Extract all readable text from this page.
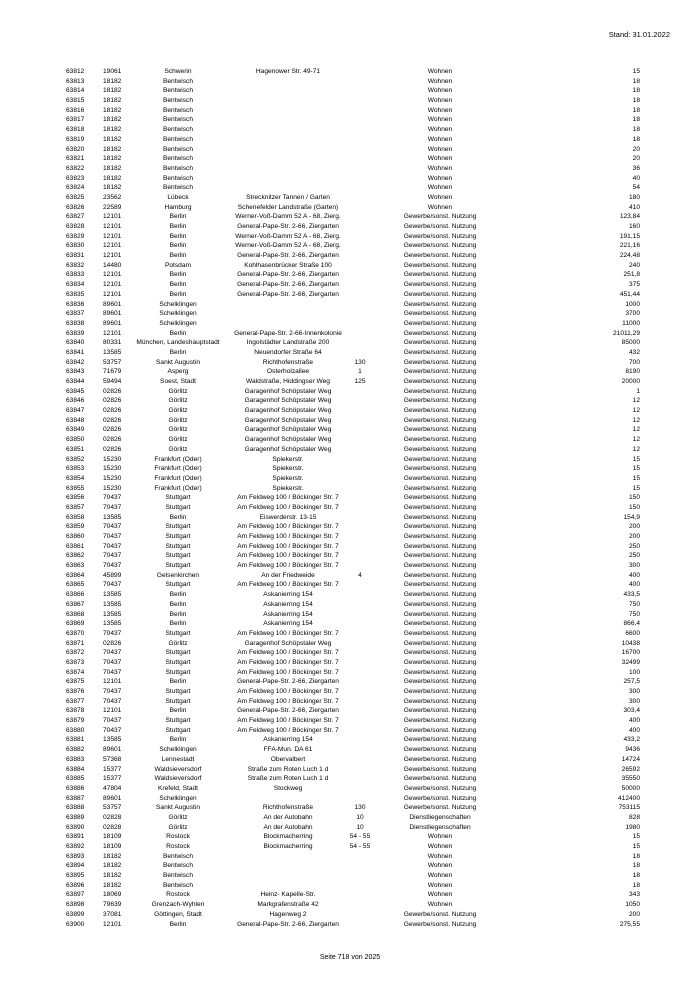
Stand: 31.01.2022
63812	19061	Schwerin	Hagenower Str. 49-71	Wohnen	15
63813	18182	Bentwisch	Wohnen	18
63814	18182	Bentwisch	Wohnen	18
63815	18182	Bentwisch	Wohnen	18
63816	18182	Bentwisch	Wohnen	18
63817	18182	Bentwisch	Wohnen	18
63818	18182	Bentwisch	Wohnen	18
63819	18182	Bentwisch	Wohnen	18
63820	18182	Bentwisch	Wohnen	20
63821	18182	Bentwisch	Wohnen	20
63822	18182	Bentwisch	Wohnen	36
63823	18182	Bentwisch	Wohnen	40
63824	18182	Bentwisch	Wohnen	54
63825	23562	Lübeck	Strecknitzer Tannen / Garten	Wohnen	180
63826	22589	Hamburg	Schenefelder Landstraße (Garten)	Wohnen	410
63827	12101	Berlin	Werner-Voß-Damm 52 A - 68, Zierg.	Gewerbe/sonst. Nutzung	123,84
63828	12101	Berlin	General-Pape-Str. 2-66, Ziergarten	Gewerbe/sonst. Nutzung	160
63829	12101	Berlin	Werner-Voß-Damm 52 A - 68, Zierg.	Gewerbe/sonst. Nutzung	191,15
63830	12101	Berlin	Werner-Voß-Damm 52 A - 68, Zierg.	Gewerbe/sonst. Nutzung	221,16
63831	12101	Berlin	General-Pape-Str. 2-66, Ziergarten	Gewerbe/sonst. Nutzung	224,48
63832	14480	Potsdam	Kohlhasenbrücker Straße 100	Gewerbe/sonst. Nutzung	240
63833	12101	Berlin	General-Pape-Str. 2-66, Ziergarten	Gewerbe/sonst. Nutzung	251,8
63834	12101	Berlin	General-Pape-Str. 2-66, Ziergarten	Gewerbe/sonst. Nutzung	375
63835	12101	Berlin	General-Pape-Str. 2-66, Ziergarten	Gewerbe/sonst. Nutzung	451,44
63836	89601	Schelklingen	Gewerbe/sonst. Nutzung	1000
63837	89601	Schelklingen	Gewerbe/sonst. Nutzung	3700
63838	89601	Schelklingen	Gewerbe/sonst. Nutzung	11000
63839	12101	Berlin	General-Pape-Str. 2-66-Innenkolonie	Gewerbe/sonst. Nutzung	21011,29
63840	80331 München, Landeshauptstadt	Ingolstädter Landstraße 200	Gewerbe/sonst. Nutzung	85000
63841	13585	Berlin	Neuendorfer Straße 64	Gewerbe/sonst. Nutzung	432
63842	53757	Sankt Augustin	Richthofenstraße	130	Gewerbe/sonst. Nutzung	700
63843	71679	Asperg	Osterholzallee	1	Gewerbe/sonst. Nutzung	8190
63844	59494	Soest, Stadt	Waldstraße, Hiddingser Weg	125	Gewerbe/sonst. Nutzung	20000
63845	02826	Görlitz	Garagenhof Schöpstaler Weg	Gewerbe/sonst. Nutzung	1
63846	02826	Görlitz	Garagenhof Schöpstaler Weg	Gewerbe/sonst. Nutzung	12
63847	02826	Görlitz	Garagenhof Schöpstaler Weg	Gewerbe/sonst. Nutzung	12
63848	02826	Görlitz	Garagenhof Schöpstaler Weg	Gewerbe/sonst. Nutzung	12
63849	02826	Görlitz	Garagenhof Schöpstaler Weg	Gewerbe/sonst. Nutzung	12
63850	02826	Görlitz	Garagenhof Schöpstaler Weg	Gewerbe/sonst. Nutzung	12
63851	02826	Görlitz	Garagenhof Schöpstaler Weg	Gewerbe/sonst. Nutzung	12
63852	15230	Frankfurt (Oder)	Spiekerstr.	Gewerbe/sonst. Nutzung	15
63853	15230	Frankfurt (Oder)	Spiekerstr.	Gewerbe/sonst. Nutzung	15
63854	15230	Frankfurt (Oder)	Spiekerstr.	Gewerbe/sonst. Nutzung	15
63855	15230	Frankfurt (Oder)	Spiekerstr.	Gewerbe/sonst. Nutzung	15
63856	70437	Stuttgart	Am Feldweg 100 / Böckinger Str. 7	Gewerbe/sonst. Nutzung	150
63857	70437	Stuttgart	Am Feldweg 100 / Böckinger Str. 7	Gewerbe/sonst. Nutzung	150
63858	13585	Berlin	Eiswerderstr. 13-15	Gewerbe/sonst. Nutzung	154,9
63859	70437	Stuttgart	Am Feldweg 100 / Böckinger Str. 7	Gewerbe/sonst. Nutzung	200
63860	70437	Stuttgart	Am Feldweg 100 / Böckinger Str. 7	Gewerbe/sonst. Nutzung	200
63861	70437	Stuttgart	Am Feldweg 100 / Böckinger Str. 7	Gewerbe/sonst. Nutzung	250
63862	70437	Stuttgart	Am Feldweg 100 / Böckinger Str. 7	Gewerbe/sonst. Nutzung	250
63863	70437	Stuttgart	Am Feldweg 100 / Böckinger Str. 7	Gewerbe/sonst. Nutzung	300
63864	45899	Gelsenkirchen	An der Friedweide	4	Gewerbe/sonst. Nutzung	400
63865	70437	Stuttgart	Am Feldweg 100 / Böckinger Str. 7	Gewerbe/sonst. Nutzung	400
63866	13585	Berlin	Askanierring 154	Gewerbe/sonst. Nutzung	433,5
63867	13585	Berlin	Askanierring 154	Gewerbe/sonst. Nutzung	750
63868	13585	Berlin	Askanierring 154	Gewerbe/sonst. Nutzung	750
63869	13585	Berlin	Askanierring 154	Gewerbe/sonst. Nutzung	866,4
63870	70437	Stuttgart	Am Feldweg 100 / Böckinger Str. 7	Gewerbe/sonst. Nutzung	6600
63871	02826	Görlitz	Garagenhof Schöpstaler Weg	Gewerbe/sonst. Nutzung	10438
63872	70437	Stuttgart	Am Feldweg 100 / Böckinger Str. 7	Gewerbe/sonst. Nutzung	16700
63873	70437	Stuttgart	Am Feldweg 100 / Böckinger Str. 7	Gewerbe/sonst. Nutzung	32499
63874	70437	Stuttgart	Am Feldweg 100 / Böckinger Str. 7	Gewerbe/sonst. Nutzung	100
63875	12101	Berlin	General-Pape-Str. 2-66, Ziergarten	Gewerbe/sonst. Nutzung	257,5
63876	70437	Stuttgart	Am Feldweg 100 / Böckinger Str. 7	Gewerbe/sonst. Nutzung	300
63877	70437	Stuttgart	Am Feldweg 100 / Böckinger Str. 7	Gewerbe/sonst. Nutzung	300
63878	12101	Berlin	General-Pape-Str. 2-66, Ziergarten	Gewerbe/sonst. Nutzung	303,4
63879	70437	Stuttgart	Am Feldweg 100 / Böckinger Str. 7	Gewerbe/sonst. Nutzung	400
63880	70437	Stuttgart	Am Feldweg 100 / Böckinger Str. 7	Gewerbe/sonst. Nutzung	400
63881	13585	Berlin	Askanierring 154	Gewerbe/sonst. Nutzung	433,2
63882	89601	Schelklingen	FFA-Mun. DA 61	Gewerbe/sonst. Nutzung	9436
63883	57368	Lennestadt	Obervalbert	Gewerbe/sonst. Nutzung	14724
63884	15377	Waldsieversdorf	Straße zum Roten Luch 1 d	Gewerbe/sonst. Nutzung	26592
63885	15377	Waldsieversdorf	Straße zum Roten Luch 1 d	Gewerbe/sonst. Nutzung	35550
63886	47804	Krefeld, Stadt	Stockweg	Gewerbe/sonst. Nutzung	50000
63887	89601	Schelklingen	Gewerbe/sonst. Nutzung	412400
63888	53757	Sankt Augustin	Richthofenstraße	130	Gewerbe/sonst. Nutzung	753115
63889	02828	Görlitz	An der Autobahn	10	Dienstliegenschaften	828
63890	02828	Görlitz	An der Autobahn	10	Dienstliegenschaften	1980
63891	18109	Rostock	Blockmacherring	54 - 55	Wohnen	15
63892	18109	Rostock	Blockmacherring	54 - 55	Wohnen	15
63893	18182	Bentwisch	Wohnen	18
63894	18182	Bentwisch	Wohnen	18
63895	18182	Bentwisch	Wohnen	18
63896	18182	Bentwisch	Wohnen	18
63897	18069	Rostock	Heinz- Kapelle-Str.	Wohnen	343
63898	79639	Grenzach-Wyhlen	Markgrafenstraße 42	Wohnen	1050
63899	37081	Göttingen, Stadt	Hagenweg 2	Gewerbe/sonst. Nutzung	200
63900	12101	Berlin	General-Pape-Str. 2-66, Ziergarten	Gewerbe/sonst. Nutzung	275,55
Seite 718 von 2025
